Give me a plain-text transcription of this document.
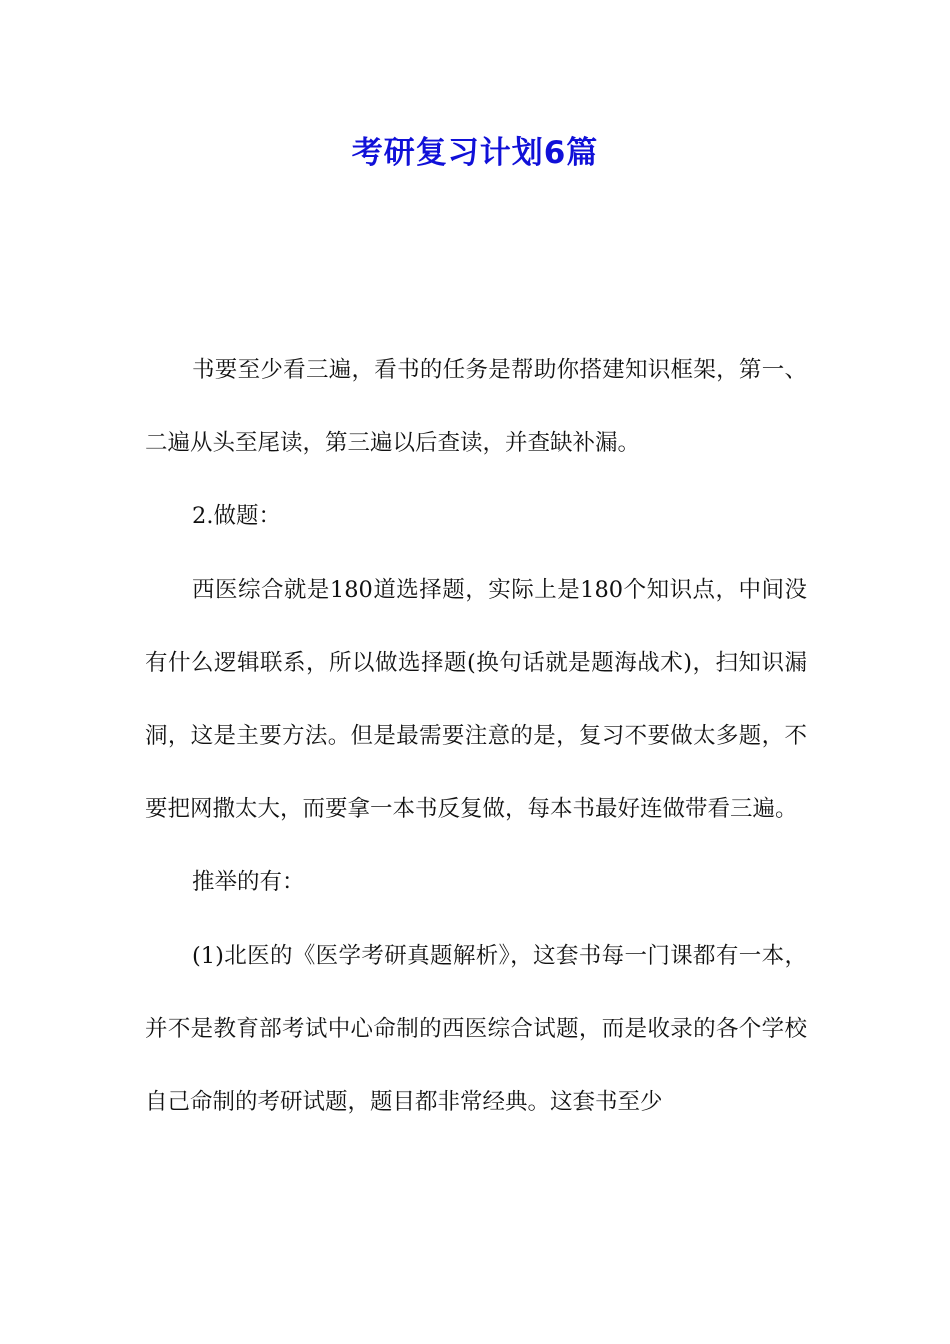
考研复习计划6篇

书要至少看三遍，看书的任务是帮助你搭建知识框架，第一、二遍从头至尾读，第三遍以后查读，并查缺补漏。

2.做题：

西医综合就是180道选择题，实际上是180个知识点，中间没有什么逻辑联系，所以做选择题(换句话就是题海战术)，扫知识漏洞，这是主要方法。但是最需要注意的是，复习不要做太多题，不要把网撒太大，而要拿一本书反复做，每本书最好连做带看三遍。

推举的有：

(1)北医的《医学考研真题解析》，这套书每一门课都有一本，并不是教育部考试中心命制的西医综合试题，而是收录的各个学校自己命制的考研试题，题目都非常经典。这套书至少
